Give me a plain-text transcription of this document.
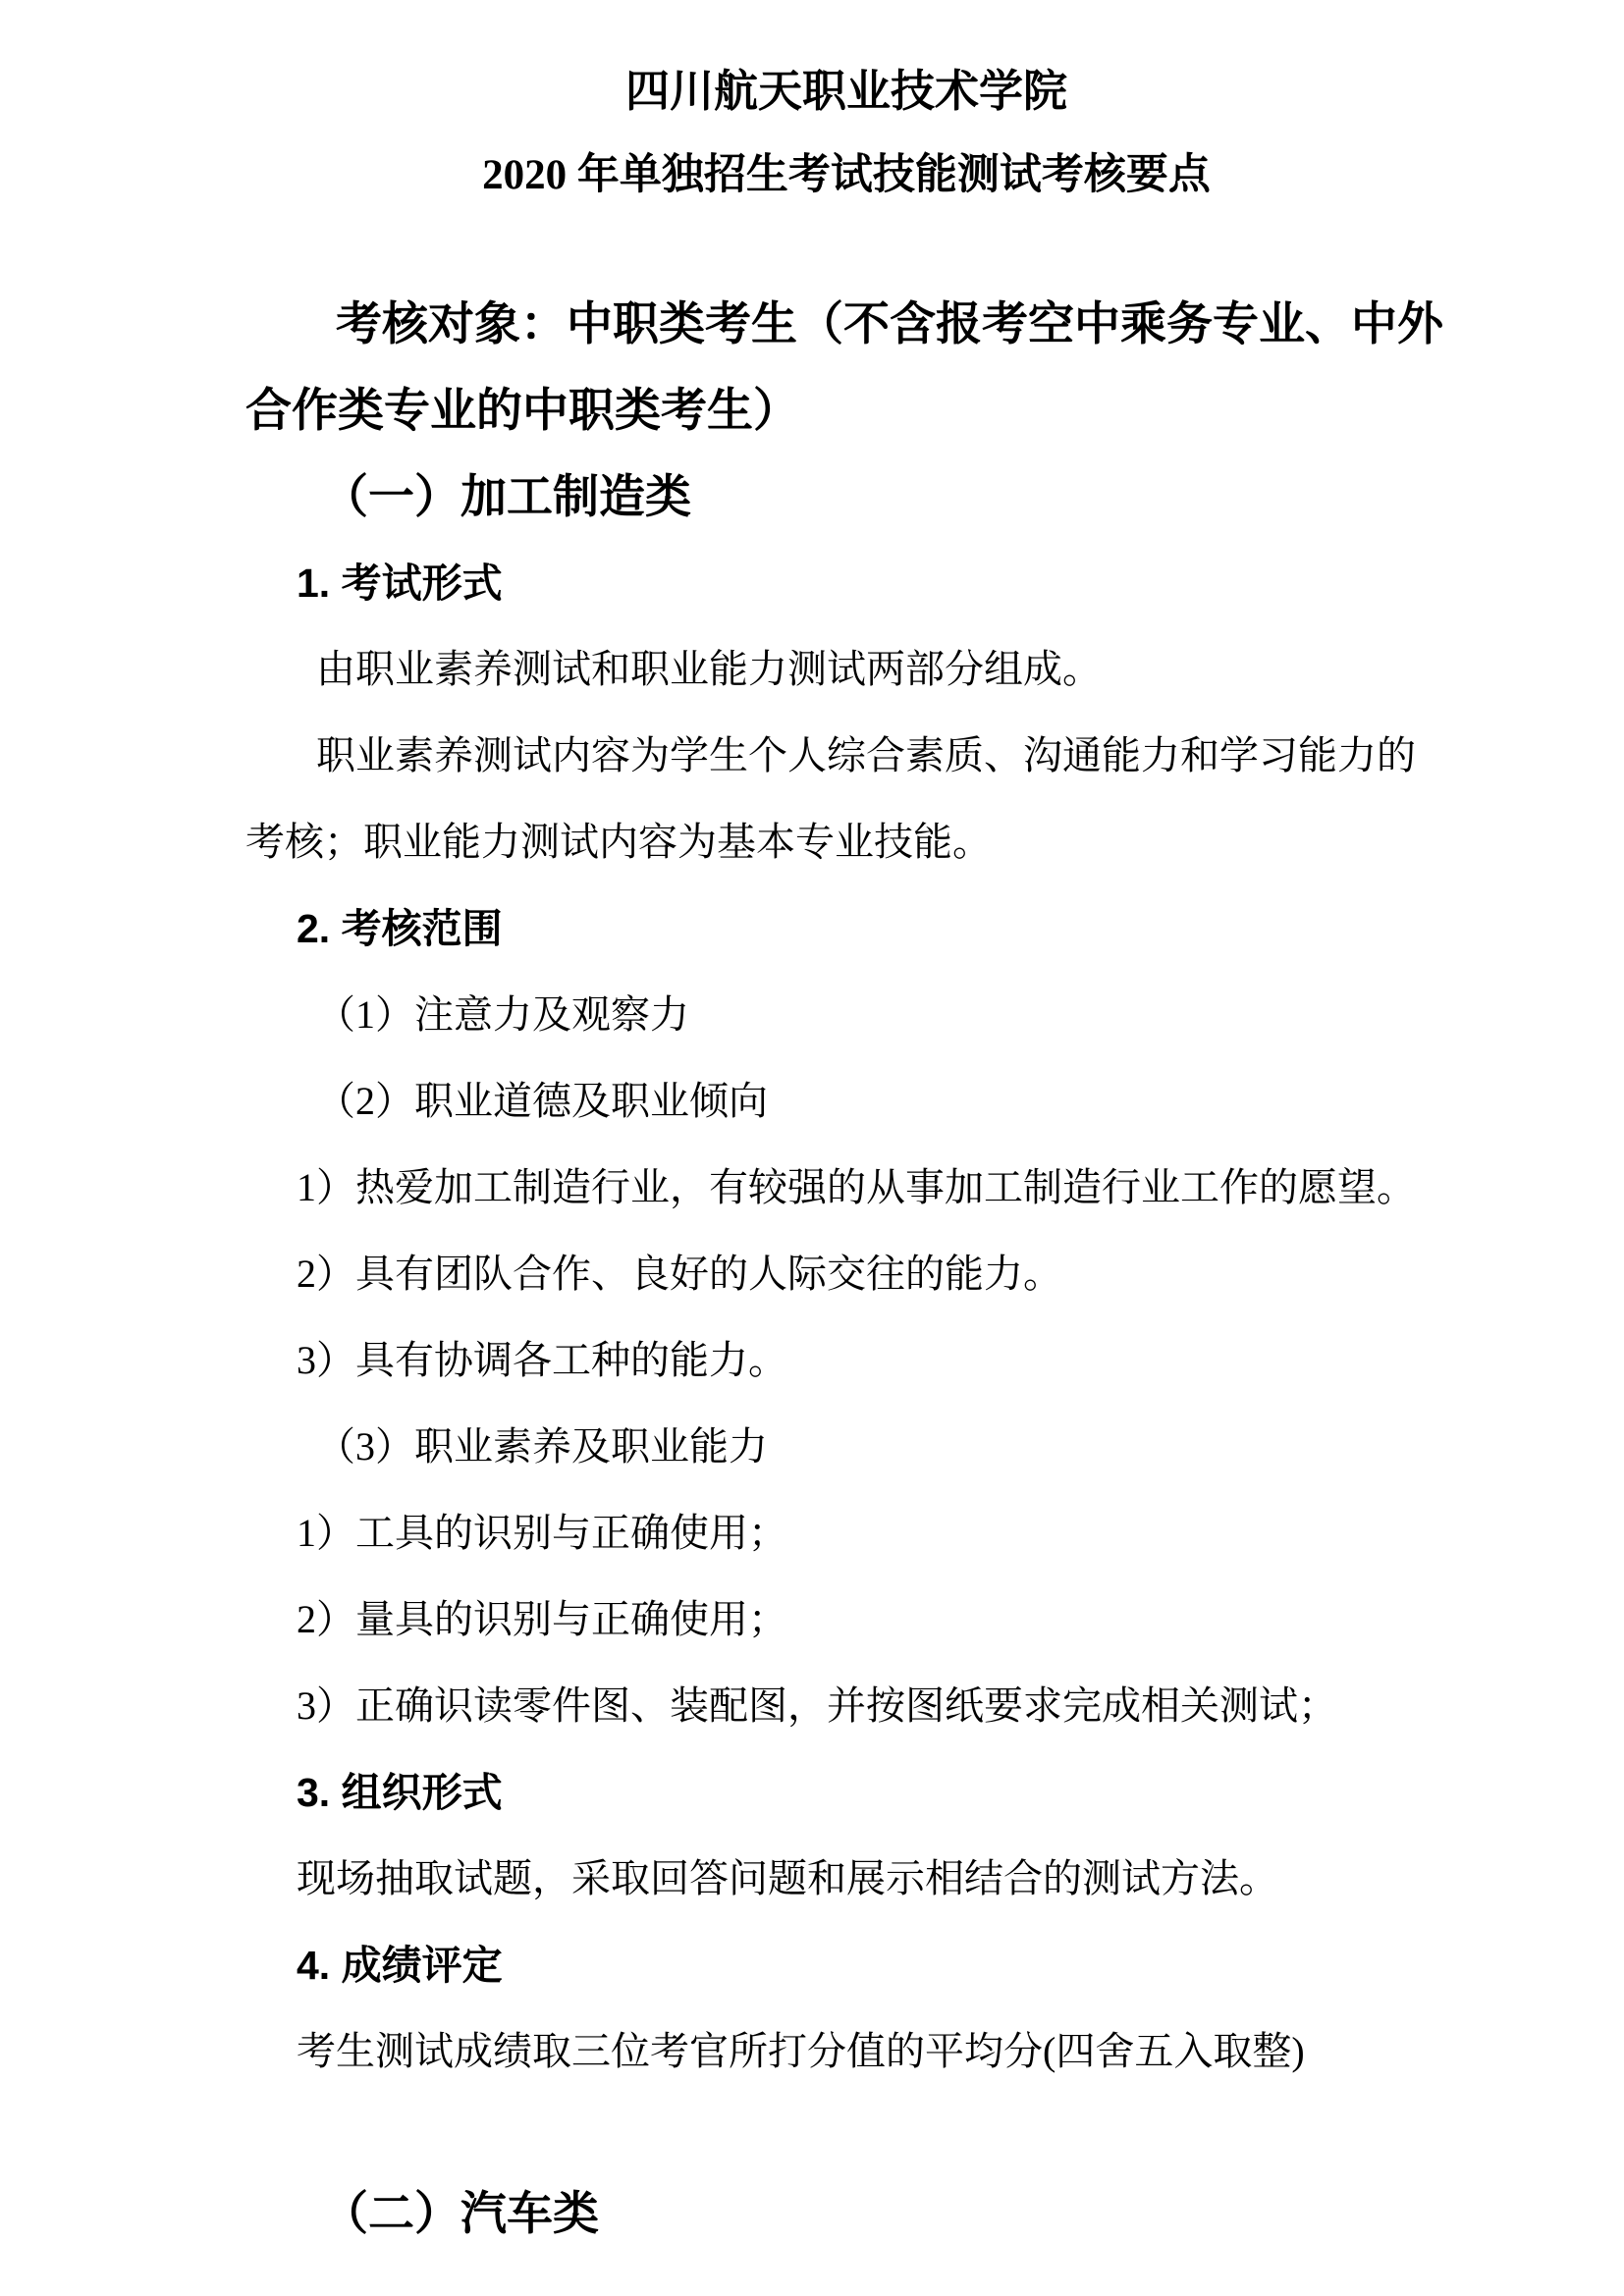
四川航天职业技术学院
2020 年单独招生考试技能测试考核要点
考核对象：中职类考生（不含报考空中乘务专业、中外
合作类专业的中职类考生）
（一）加工制造类
1. 考试形式
由职业素养测试和职业能力测试两部分组成。
职业素养测试内容为学生个人综合素质、沟通能力和学习能力的
考核；职业能力测试内容为基本专业技能。
2. 考核范围
（1）注意力及观察力
（2）职业道德及职业倾向
1）热爱加工制造行业，有较强的从事加工制造行业工作的愿望。
2）具有团队合作、良好的人际交往的能力。
3）具有协调各工种的能力。
（3）职业素养及职业能力
1）工具的识别与正确使用；
2）量具的识别与正确使用；
3）正确识读零件图、装配图，并按图纸要求完成相关测试；
3. 组织形式
现场抽取试题，采取回答问题和展示相结合的测试方法。
4. 成绩评定
考生测试成绩取三位考官所打分值的平均分(四舍五入取整)
（二）汽车类
